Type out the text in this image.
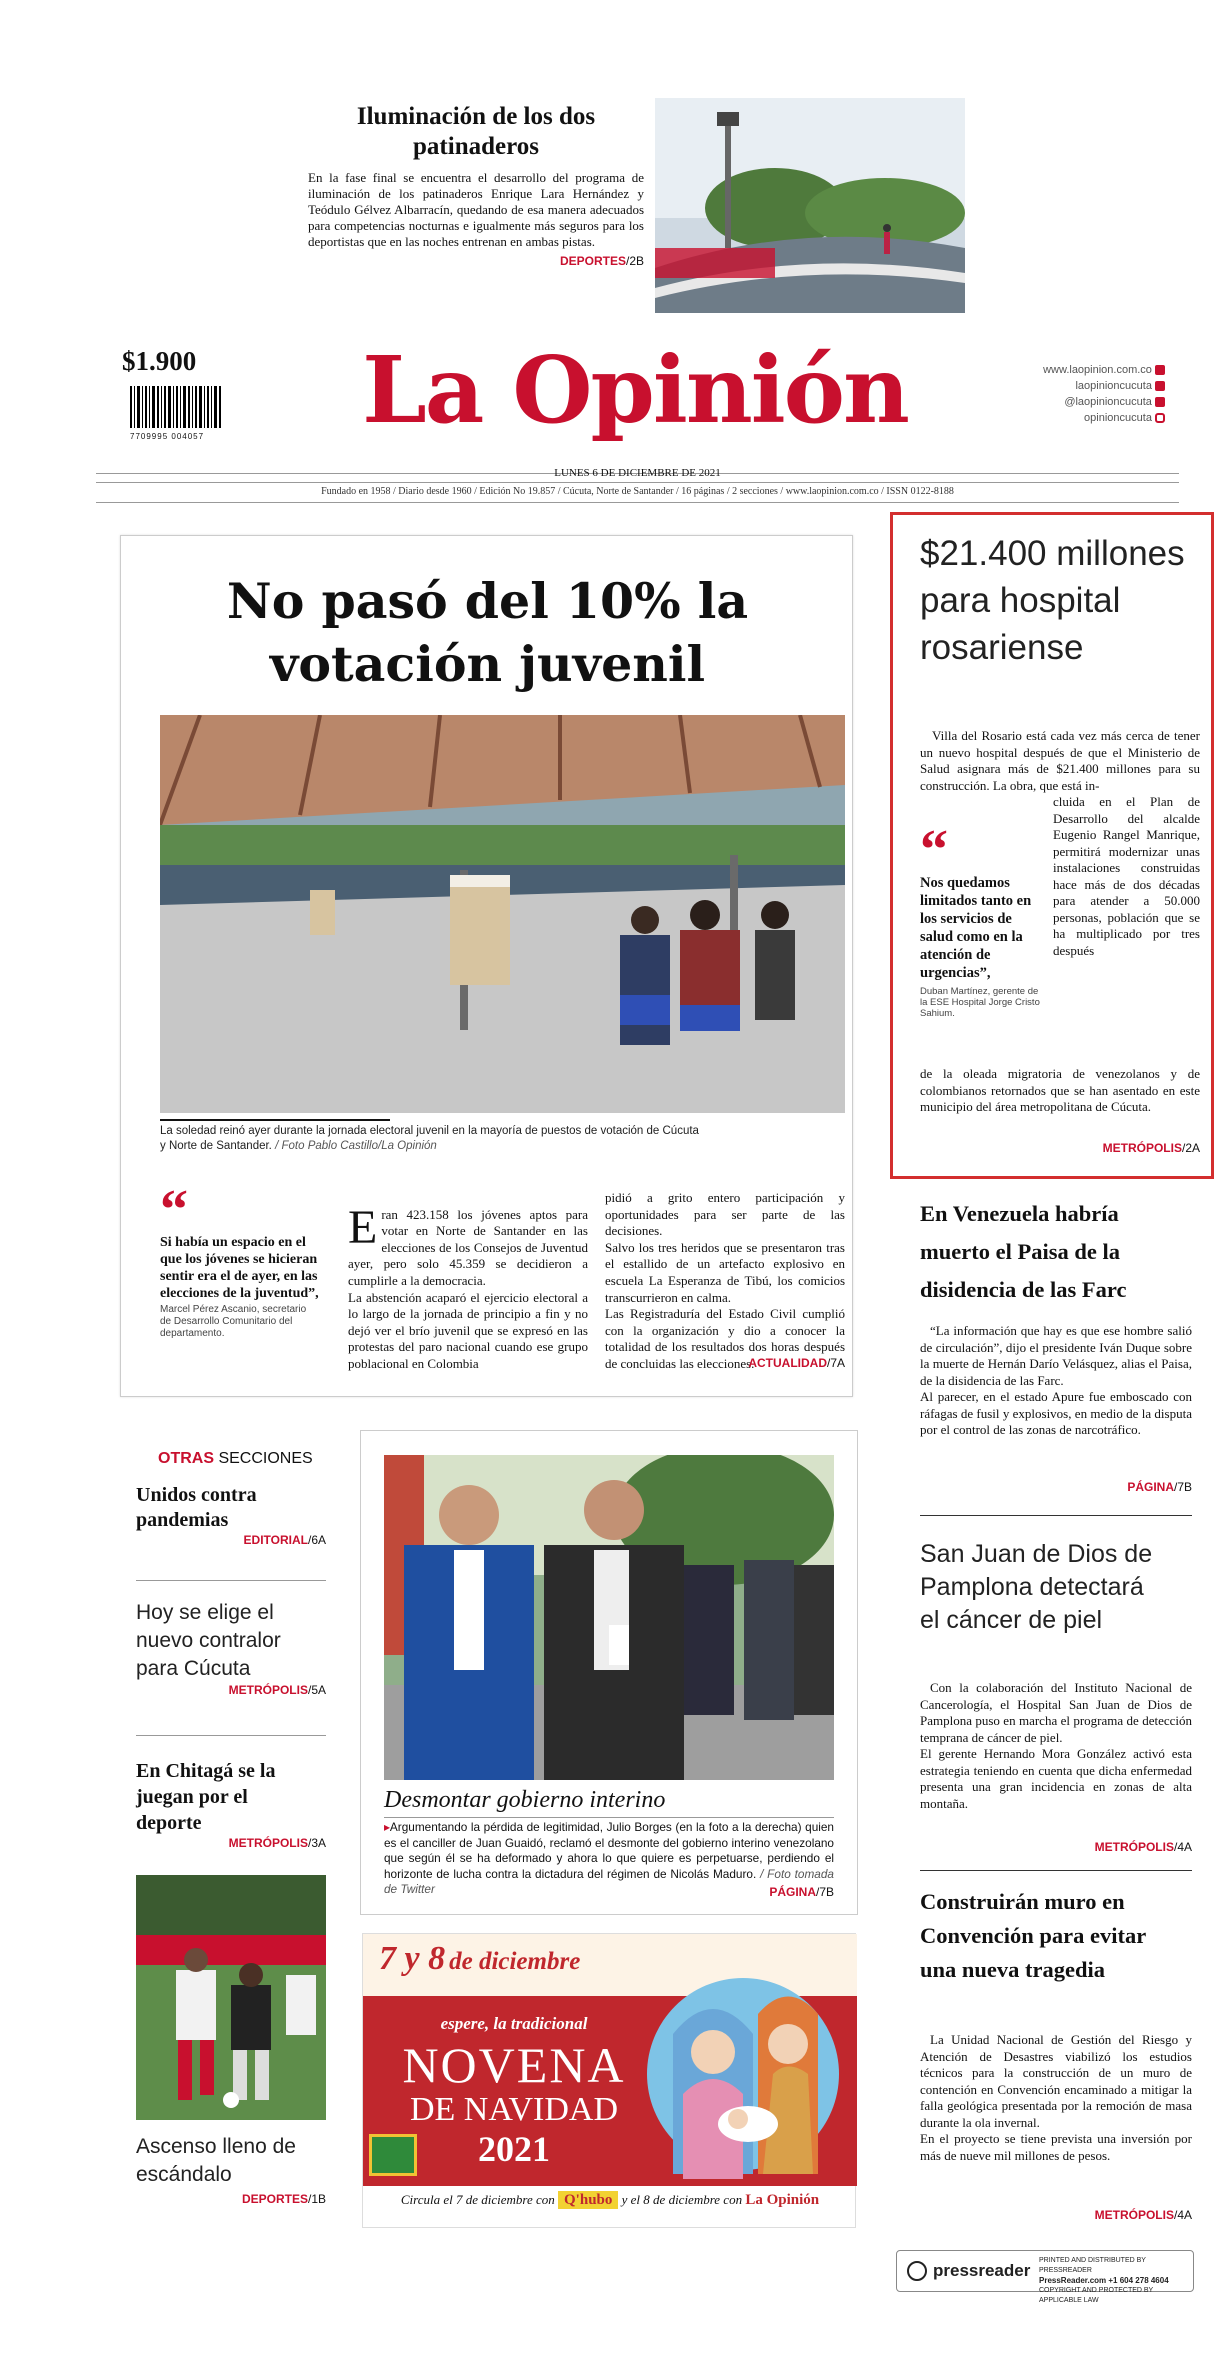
Iluminación de los dos patinaderos
En la fase final se encuentra el desarrollo del programa de iluminación de los patinaderos Enrique Lara Hernández y Teódulo Gélvez Albarracín, quedando de esa manera adecuados para competencias nocturnas e igualmente más seguros para los deportistas que en las noches entrenan en ambas pistas.
DEPORTES/2B
$1.900
7709995 004057 La Opinión	www.laopinion.com.co
laopinioncucuta
@laopinioncucuta
opinioncucuta
LUNES 6 DE DICIEMBRE DE 2021
Fundado en 1958 / Diario desde 1960 / Edición No 19.857 / Cúcuta, Norte de Santander / 16 páginas / 2 secciones / www.laopinion.com.co / ISSN 0122-8188
No pasó del 10% la votación juvenil
La soledad reinó ayer durante la jornada electoral juvenil en la mayoría de puestos de votación de Cúcuta y Norte de Santander. / Foto Pablo Castillo/La Opinión
“
Si había un espacio en el que los jóvenes se hicieran sentir era el de ayer, en las elecciones de la juventud”,
Marcel Pérez Ascanio, secretario de Desarrollo Comunitario del departamento.

Eran 423.158 los jóvenes aptos para votar en Norte de Santander en las elecciones de los Consejos de Juventud ayer, pero solo 45.359 se decidieron a cumplirle a la democracia.
La abstención acaparó el ejercicio electoral a lo largo de la jornada de principio a fin y no dejó ver el brío juvenil que se expresó en las protestas del paro nacional cuando ese grupo poblacional en Colombia

pidió a grito entero participación y oportunidades para ser parte de las decisiones.
Salvo los tres heridos que se presentaron tras el estallido de un artefacto explosivo en escuela La Esperanza de Tibú, los comicios transcurrieron en calma.
Las Registraduría del Estado Civil cumplió con la organización y dio a conocer la totalidad de los resultados dos horas después de concluidas las elecciones.
ACTUALIDAD/7A
$21.400 millones para hospital rosariense
Villa del Rosario está cada vez más cerca de tener un nuevo hospital después de que el Ministerio de Salud asignara más de $21.400 millones para su construcción. La obra, que está in-
“
Nos quedamos limitados tanto en los servicios de salud como en la atención de urgencias”,
Duban Martínez, gerente de la ESE Hospital Jorge Cristo Sahium.
cluida en el Plan de Desarrollo del alcalde Eugenio Rangel Manrique, permitirá modernizar unas instalaciones construidas hace más de dos décadas para atender a 50.000 personas, población que se ha multiplicado por tres después
de la oleada migratoria de venezolanos y de colombianos retornados que se han asentado en este municipio del área metropolitana de Cúcuta.
METRÓPOLIS/2A
En Venezuela habría muerto el Paisa de la disidencia de las Farc
“La información que hay es que ese hombre salió de circulación”, dijo el presidente Iván Duque sobre la muerte de Hernán Darío Velásquez, alias el Paisa, de la disidencia de las Farc.
Al parecer, en el estado Apure fue emboscado con ráfagas de fusil y explosivos, en medio de la disputa por el control de las zonas de narcotráfico.
PÁGINA/7B
San Juan de Dios de Pamplona detectará el cáncer de piel
Con la colaboración del Instituto Nacional de Cancerología, el Hospital San Juan de Dios de Pamplona puso en marcha el programa de detección temprana de cáncer de piel.
El gerente Hernando Mora González activó esta estrategia teniendo en cuenta que dicha enfermedad presenta una gran incidencia en zonas de alta montaña.
METRÓPOLIS/4A
Construirán muro en Convención para evitar una nueva tragedia
La Unidad Nacional de Gestión del Riesgo y Atención de Desastres viabilizó los estudios técnicos para la construcción de un muro de contención en Convención encaminado a mitigar la falla geológica presentada por la remoción de masa durante la ola invernal.
En el proyecto se tiene prevista una inversión por más de nueve mil millones de pesos.
METRÓPOLIS/4A
OTRAS SECCIONES
Unidos contra pandemias
EDITORIAL/6A
Hoy se elige el nuevo contralor para Cúcuta
METRÓPOLIS/5A
En Chitagá se la juegan por el deporte
METRÓPOLIS/3A
Ascenso lleno de escándalo
DEPORTES/1B
Desmontar gobierno interino
▸Argumentando la pérdida de legitimidad, Julio Borges (en la foto a la derecha) quien es el canciller de Juan Guaidó, reclamó el desmonte del gobierno interino venezolano que según él se ha deformado y ahora lo que quiere es perpetuarse, perdiendo el horizonte de lucha contra la dictadura del régimen de Nicolás Maduro. / Foto tomada de Twitter	PÁGINA/7B
7 y 8 de diciembre
espere, la tradicional
NOVENA
DE NAVIDAD
2021
Circula el 7 de diciembre con Q'hubo y el 8 de diciembre con La Opinión
pressreader
PRINTED AND DISTRIBUTED BY PRESSREADER
PressReader.com +1 604 278 4604
COPYRIGHT AND PROTECTED BY APPLICABLE LAW
